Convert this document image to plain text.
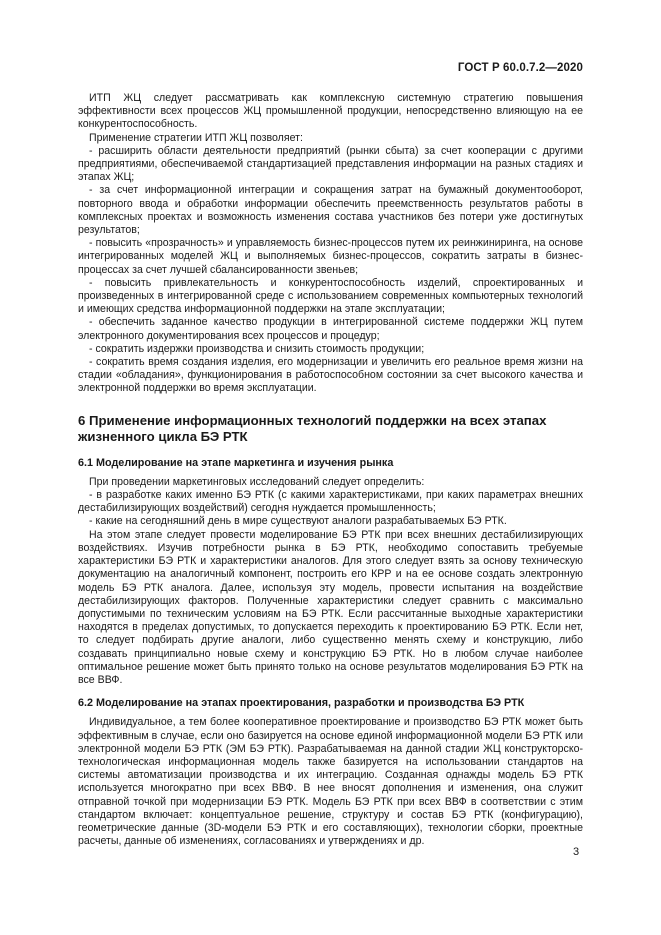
ГОСТ Р 60.0.7.2—2020

ИТП ЖЦ следует рассматривать как комплексную системную стратегию повышения эффективности всех процессов ЖЦ промышленной продукции, непосредственно влияющую на ее конкурентоспособность.

Применение стратегии ИТП ЖЦ позволяет:

- расширить области деятельности предприятий (рынки сбыта) за счет кооперации с другими предприятиями, обеспечиваемой стандартизацией представления информации на разных стадиях и этапах ЖЦ;

- за счет информационной интеграции и сокращения затрат на бумажный документооборот, повторного ввода и обработки информации обеспечить преемственность результатов работы в комплексных проектах и возможность изменения состава участников без потери уже достигнутых результатов;

- повысить «прозрачность» и управляемость бизнес-процессов путем их реинжиниринга, на основе интегрированных моделей ЖЦ и выполняемых бизнес-процессов, сократить затраты в бизнес-процессах за счет лучшей сбалансированности звеньев;

- повысить привлекательность и конкурентоспособность изделий, спроектированных и произведенных в интегрированной среде с использованием современных компьютерных технологий и имеющих средства информационной поддержки на этапе эксплуатации;

- обеспечить заданное качество продукции в интегрированной системе поддержки ЖЦ путем электронного документирования всех процессов и процедур;

- сократить издержки производства и снизить стоимость продукции;

- сократить время создания изделия, его модернизации и увеличить его реальное время жизни на стадии «обладания», функционирования в работоспособном состоянии за счет высокого качества и электронной поддержки во время эксплуатации.

6 Применение информационных технологий поддержки на всех этапах жизненного цикла БЭ РТК
6.1 Моделирование на этапе маркетинга и изучения рынка

При проведении маркетинговых исследований следует определить:

- в разработке каких именно БЭ РТК (с какими характеристиками, при каких параметрах внешних дестабилизирующих воздействий) сегодня нуждается промышленность;

- какие на сегодняшний день в мире существуют аналоги разрабатываемых БЭ РТК.

На этом этапе следует провести моделирование БЭ РТК при всех внешних дестабилизирующих воздействиях. Изучив потребности рынка в БЭ РТК, необходимо сопоставить требуемые характеристики БЭ РТК и характеристики аналогов. Для этого следует взять за основу техническую документацию на аналогичный компонент, построить его КРР и на ее основе создать электронную модель БЭ РТК аналога. Далее, используя эту модель, провести испытания на воздействие дестабилизирующих факторов. Полученные характеристики следует сравнить с максимально допустимыми по техническим условиям на БЭ РТК. Если рассчитанные выходные характеристики находятся в пределах допустимых, то допускается переходить к проектированию БЭ РТК. Если нет, то следует подбирать другие аналоги, либо существенно менять схему и конструкцию, либо создавать принципиально новые схему и конструкцию БЭ РТК. Но в любом случае наиболее оптимальное решение может быть принято только на основе результатов моделирования БЭ РТК на все ВВФ.

6.2 Моделирование на этапах проектирования, разработки и производства БЭ РТК

Индивидуальное, а тем более кооперативное проектирование и производство БЭ РТК может быть эффективным в случае, если оно базируется на основе единой информационной модели БЭ РТК или электронной модели БЭ РТК (ЭМ БЭ РТК). Разрабатываемая на данной стадии ЖЦ конструкторско-технологическая информационная модель также базируется на использовании стандартов на системы автоматизации производства и их интеграцию. Созданная однажды модель БЭ РТК используется многократно при всех ВВФ. В нее вносят дополнения и изменения, она служит отправной точкой при модернизации БЭ РТК. Модель БЭ РТК при всех ВВФ в соответствии с этим стандартом включает: концептуальное решение, структуру и состав БЭ РТК (конфигурацию), геометрические данные (3D-модели БЭ РТК и его составляющих), технологии сборки, проектные расчеты, данные об изменениях, согласованиях и утверждениях и др.

3
